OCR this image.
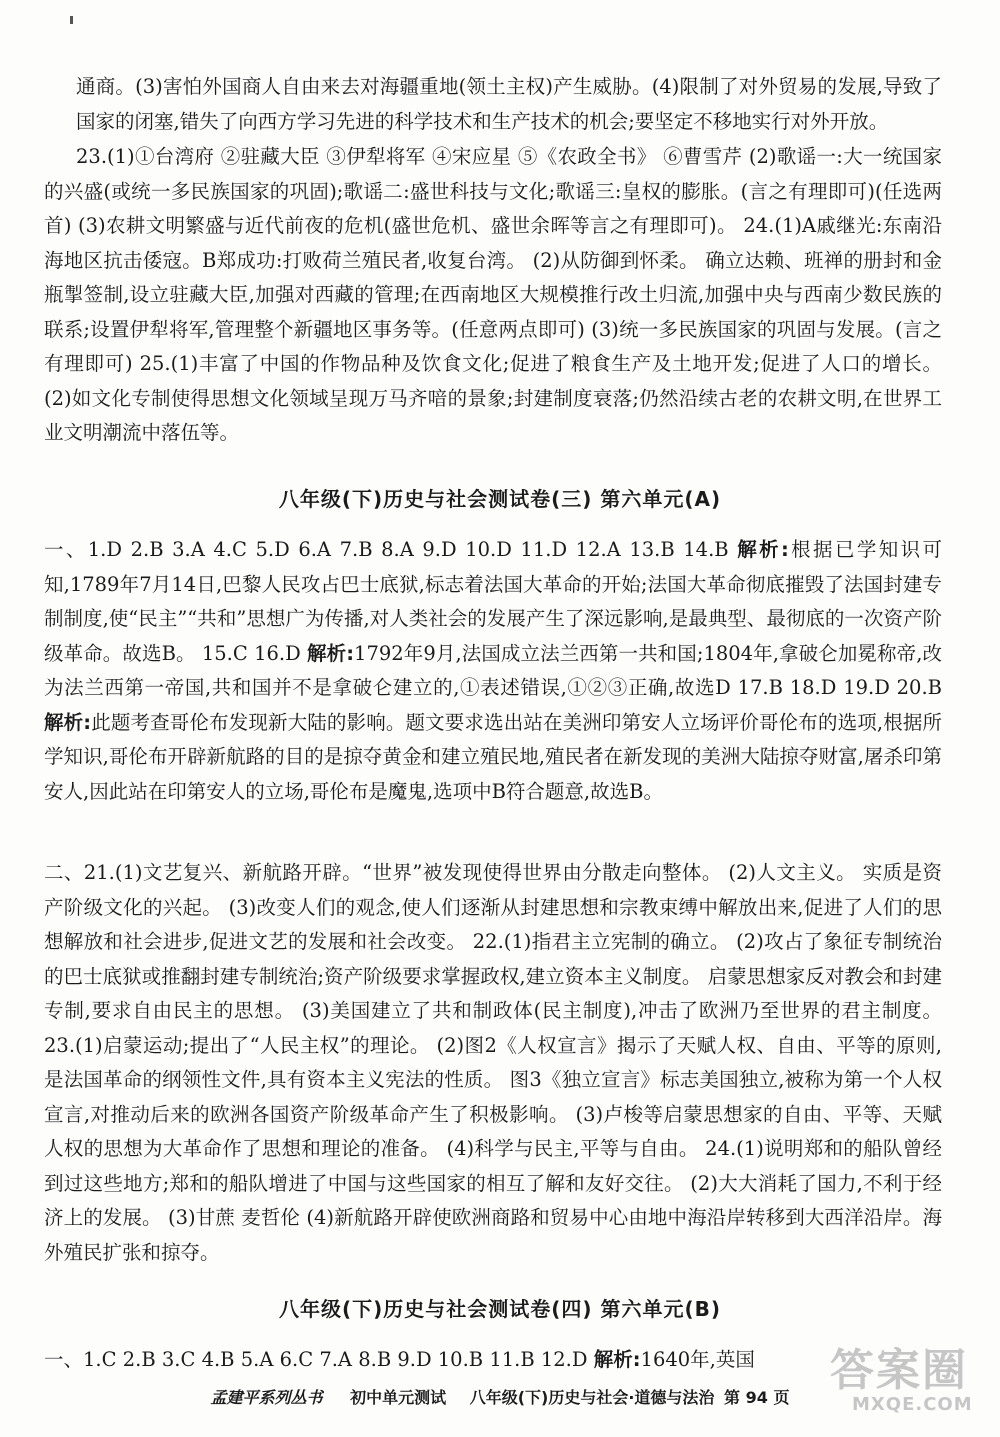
通商。(3)害怕外国商人自由来去对海疆重地(领土主权)产生威胁。(4)限制了对外贸易的发展,导致了国家的闭塞,错失了向西方学习先进的科学技术和生产技术的机会;要坚定不移地实行对外开放。

23.(1)①台湾府 ②驻藏大臣 ③伊犁将军 ④宋应星 ⑤《农政全书》 ⑥曹雪芹 (2)歌谣一:大一统国家的兴盛(或统一多民族国家的巩固);歌谣二:盛世科技与文化;歌谣三:皇权的膨胀。(言之有理即可)(任选两首) (3)农耕文明繁盛与近代前夜的危机(盛世危机、盛世余晖等言之有理即可)。 24.(1)A戚继光:东南沿海地区抗击倭寇。B郑成功:打败荷兰殖民者,收复台湾。 (2)从防御到怀柔。 确立达赖、班禅的册封和金瓶掣签制,设立驻藏大臣,加强对西藏的管理;在西南地区大规模推行改土归流,加强中央与西南少数民族的联系;设置伊犁将军,管理整个新疆地区事务等。(任意两点即可) (3)统一多民族国家的巩固与发展。(言之有理即可) 25.(1)丰富了中国的作物品种及饮食文化;促进了粮食生产及土地开发;促进了人口的增长。 (2)如文化专制使得思想文化领域呈现万马齐喑的景象;封建制度衰落;仍然沿续古老的农耕文明,在世界工业文明潮流中落伍等。

八年级(下)历史与社会测试卷(三) 第六单元(A)

一、1.D 2.B 3.A 4.C 5.D 6.A 7.B 8.A 9.D 10.D 11.D 12.A 13.B 14.B 解析:根据已学知识可知,1789年7月14日,巴黎人民攻占巴士底狱,标志着法国大革命的开始;法国大革命彻底摧毁了法国封建专制制度,使“民主”“共和”思想广为传播,对人类社会的发展产生了深远影响,是最典型、最彻底的一次资产阶级革命。故选B。 15.C 16.D 解析:1792年9月,法国成立法兰西第一共和国;1804年,拿破仑加冕称帝,改为法兰西第一帝国,共和国并不是拿破仑建立的,①表述错误,①②③正确,故选D 17.B 18.D 19.D 20.B 解析:此题考查哥伦布发现新大陆的影响。题文要求选出站在美洲印第安人立场评价哥伦布的选项,根据所学知识,哥伦布开辟新航路的目的是掠夺黄金和建立殖民地,殖民者在新发现的美洲大陆掠夺财富,屠杀印第安人,因此站在印第安人的立场,哥伦布是魔鬼,选项中B符合题意,故选B。

二、21.(1)文艺复兴、新航路开辟。“世界”被发现使得世界由分散走向整体。 (2)人文主义。 实质是资产阶级文化的兴起。 (3)改变人们的观念,使人们逐渐从封建思想和宗教束缚中解放出来,促进了人们的思想解放和社会进步,促进文艺的发展和社会改变。 22.(1)指君主立宪制的确立。 (2)攻占了象征专制统治的巴士底狱或推翻封建专制统治;资产阶级要求掌握政权,建立资本主义制度。 启蒙思想家反对教会和封建专制,要求自由民主的思想。 (3)美国建立了共和制政体(民主制度),冲击了欧洲乃至世界的君主制度。 23.(1)启蒙运动;提出了“人民主权”的理论。 (2)图2《人权宣言》揭示了天赋人权、自由、平等的原则,是法国革命的纲领性文件,具有资本主义宪法的性质。 图3《独立宣言》标志美国独立,被称为第一个人权宣言,对推动后来的欧洲各国资产阶级革命产生了积极影响。 (3)卢梭等启蒙思想家的自由、平等、天赋人权的思想为大革命作了思想和理论的准备。 (4)科学与民主,平等与自由。 24.(1)说明郑和的船队曾经到过这些地方;郑和的船队增进了中国与这些国家的相互了解和友好交往。 (2)大大消耗了国力,不利于经济上的发展。 (3)甘蔗 麦哲伦 (4)新航路开辟使欧洲商路和贸易中心由地中海沿岸转移到大西洋沿岸。海外殖民扩张和掠夺。

八年级(下)历史与社会测试卷(四) 第六单元(B)

一、1.C 2.B 3.C 4.B 5.A 6.C 7.A 8.B 9.D 10.B 11.B 12.D 解析:1640年,英国

孟建平系列丛书 初中单元测试 八年级(下)历史与社会·道德与法治 第 94 页
答案圈
MXQE.COM
